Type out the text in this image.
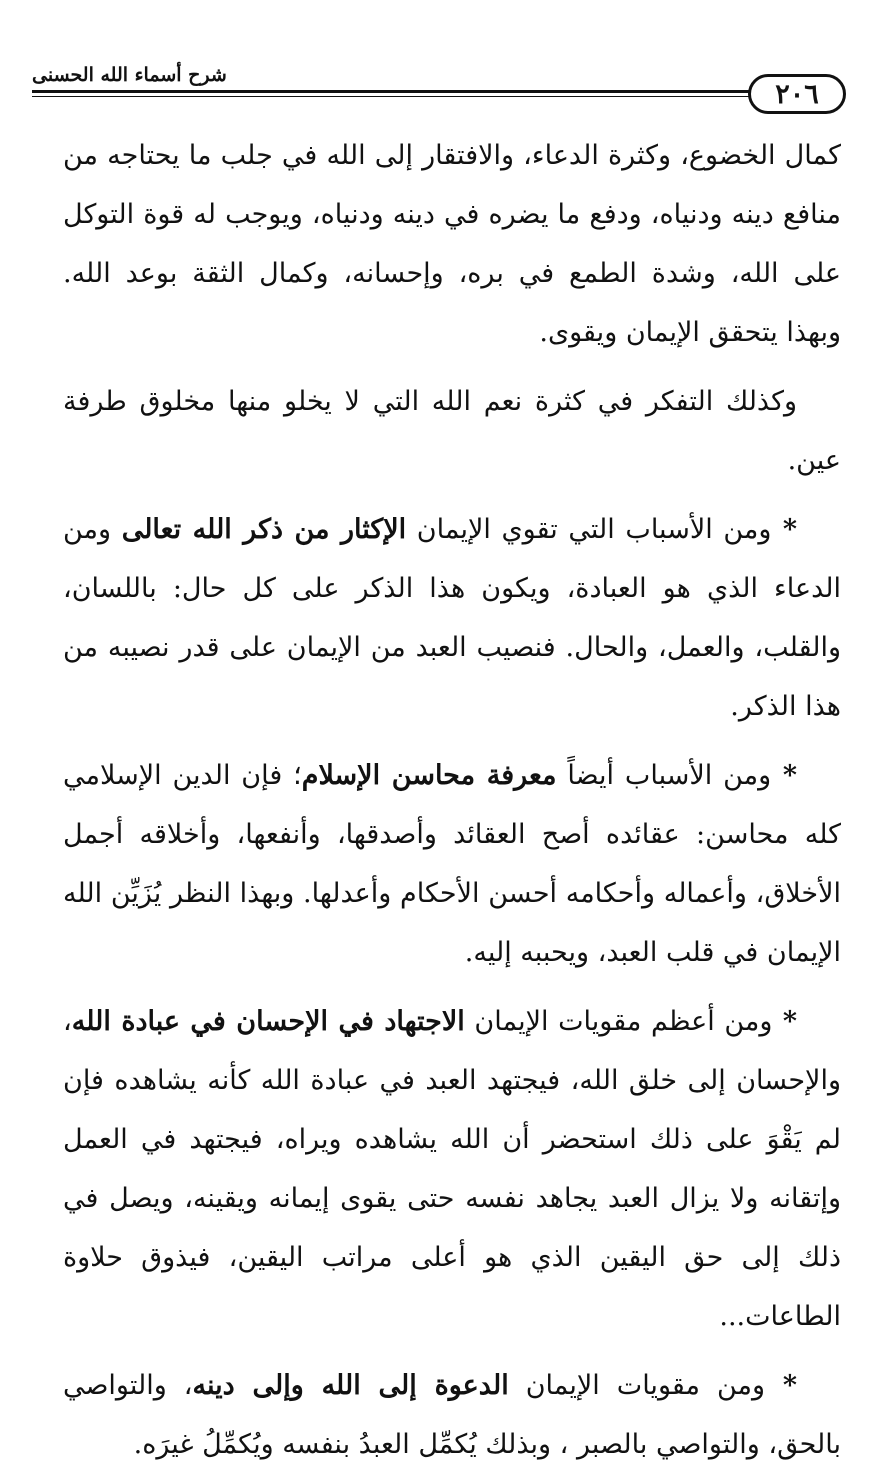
٢٠٦
شرح أسماء الله الحسنى

كمال الخضوع، وكثرة الدعاء، والافتقار إلى الله في جلب ما يحتاجه من منافع دينه ودنياه، ودفع ما يضره في دينه ودنياه، ويوجب له قوة التوكل على الله، وشدة الطمع في بره، وإحسانه، وكمال الثقة بوعد الله. وبهذا يتحقق الإيمان ويقوى.

وكذلك التفكر في كثرة نعم الله التي لا يخلو منها مخلوق طرفة عين.

* ومن الأسباب التي تقوي الإيمان الإكثار من ذكر الله تعالى ومن الدعاء الذي هو العبادة، ويكون هذا الذكر على كل حال: باللسان، والقلب، والعمل، والحال. فنصيب العبد من الإيمان على قدر نصيبه من هذا الذكر.

* ومن الأسباب أيضاً معرفة محاسن الإسلام؛ فإن الدين الإسلامي كله محاسن: عقائده أصح العقائد وأصدقها، وأنفعها، وأخلاقه أجمل الأخلاق، وأعماله وأحكامه أحسن الأحكام وأعدلها. وبهذا النظر يُزَيِّن الله الإيمان في قلب العبد، ويحببه إليه.

* ومن أعظم مقويات الإيمان الاجتهاد في الإحسان في عبادة الله، والإحسان إلى خلق الله، فيجتهد العبد في عبادة الله كأنه يشاهده فإن لم يَقْوَ على ذلك استحضر أن الله يشاهده ويراه، فيجتهد في العمل وإتقانه ولا يزال العبد يجاهد نفسه حتى يقوى إيمانه ويقينه، ويصل في ذلك إلى حق اليقين الذي هو أعلى مراتب اليقين، فيذوق حلاوة الطاعات...

* ومن مقويات الإيمان الدعوة إلى الله وإلى دينه، والتواصي بالحق، والتواصي بالصبر ، وبذلك يُكمِّل العبدُ بنفسه ويُكمِّلُ غيرَه.
